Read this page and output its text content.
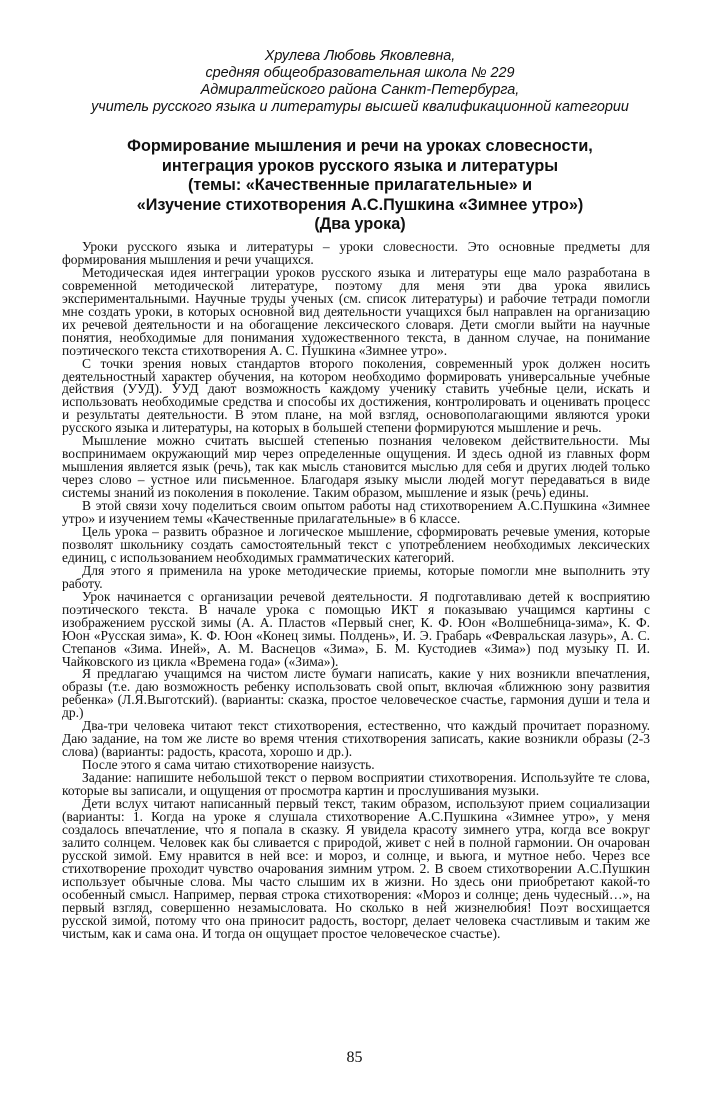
Хрулева Любовь Яковлевна,
средняя общеобразовательная школа № 229
Адмиралтейского района Санкт-Петербурга,
учитель русского языка и литературы высшей квалификационной категории
Формирование мышления и речи на уроках словесности,
интеграция уроков русского языка и литературы
(темы: «Качественные прилагательные» и
«Изучение стихотворения А.С.Пушкина «Зимнее утро»)
(Два урока)

Уроки русского языка и литературы – уроки словесности. Это основные предметы для формирования мышления и речи учащихся.

Методическая идея интеграции уроков русского языка и литературы еще мало разработана в современной методической литературе, поэтому для меня эти два урока явились экспериментальными. Научные труды ученых (см. список литературы) и рабочие тетради помогли мне создать уроки, в которых основной вид деятельности учащихся был направлен на организацию их речевой деятельности и на обогащение лексического словаря. Дети смогли выйти на научные понятия, необходимые для понимания художественного текста, в данном случае, на понимание поэтического текста стихотворения А. С. Пушкина «Зимнее утро».

С точки зрения новых стандартов второго поколения, современный урок должен носить деятельностный характер обучения, на котором необходимо формировать универсальные учебные действия (УУД). УУД дают возможность каждому ученику ставить учебные цели, искать и использовать необходимые средства и способы их достижения, контролировать и оценивать процесс и результаты деятельности. В этом плане, на мой взгляд, основополагающими являются уроки русского языка и литературы, на которых в большей степени формируются мышление и речь.

Мышление можно считать высшей степенью познания человеком действительности. Мы воспринимаем окружающий мир через определенные ощущения. И здесь одной из главных форм мышления является язык (речь), так как мысль становится мыслью для себя и других людей только через слово – устное или письменное. Благодаря языку мысли людей могут передаваться в виде системы знаний из поколения в поколение. Таким образом, мышление и язык (речь) едины.

В этой связи хочу поделиться своим опытом работы над стихотворением А.С.Пушкина «Зимнее утро» и изучением темы «Качественные прилагательные» в 6 классе.

Цель урока – развить образное и логическое мышление, сформировать речевые умения, которые позволят школьнику создать самостоятельный текст с употреблением необходимых лексических единиц, с использованием необходимых грамматических категорий.

Для этого я применила на уроке методические приемы, которые помогли мне выполнить эту работу.

Урок начинается с организации речевой деятельности. Я подготавливаю детей к восприятию поэтического текста. В начале урока с помощью ИКТ я показываю учащимся картины с изображением русской зимы (А. А. Пластов «Первый снег, К. Ф. Юон «Волшебница-зима», К. Ф. Юон «Русская зима», К. Ф. Юон «Конец зимы. Полдень», И. Э. Грабарь «Февральская лазурь», А. С. Степанов «Зима. Иней», А. М. Васнецов «Зима», Б. М. Кустодиев «Зима») под музыку П. И. Чайковского из цикла «Времена года» («Зима»).

Я предлагаю учащимся на чистом листе бумаги написать, какие у них возникли впечатления, образы (т.е. даю возможность ребенку использовать свой опыт, включая «ближнюю зону развития ребенка» (Л.Я.Выготский). (варианты: сказка, простое человеческое счастье, гармония души и тела и др.)

Два-три человека читают текст стихотворения, естественно, что каждый прочитает поразному. Даю задание, на том же листе во время чтения стихотворения записать, какие возникли образы (2-3 слова) (варианты: радость, красота, хорошо и др.).

После этого я сама читаю стихотворение наизусть.

Задание: напишите небольшой текст о первом восприятии стихотворения. Используйте те слова, которые вы записали, и ощущения от просмотра картин и прослушивания музыки.

Дети вслух читают написанный первый текст, таким образом, используют прием социализации (варианты: 1. Когда на уроке я слушала стихотворение А.С.Пушкина «Зимнее утро», у меня создалось впечатление, что я попала в сказку. Я увидела красоту зимнего утра, когда все вокруг залито солнцем. Человек как бы сливается с природой, живет с ней в полной гармонии. Он очарован русской зимой. Ему нравится в ней все: и мороз, и солнце, и вьюга, и мутное небо. Через все стихотворение проходит чувство очарования зимним утром. 2. В своем стихотворении А.С.Пушкин использует обычные слова. Мы часто слышим их в жизни. Но здесь они приобретают какой-то особенный смысл. Например, первая строка стихотворения: «Мороз и солнце; день чудесный…», на первый взгляд, совершенно незамысловата. Но сколько в ней жизнелюбия! Поэт восхищается русской зимой, потому что она приносит радость, восторг, делает человека счастливым и таким же чистым, как и сама она. И тогда он ощущает простое человеческое счастье).

85
